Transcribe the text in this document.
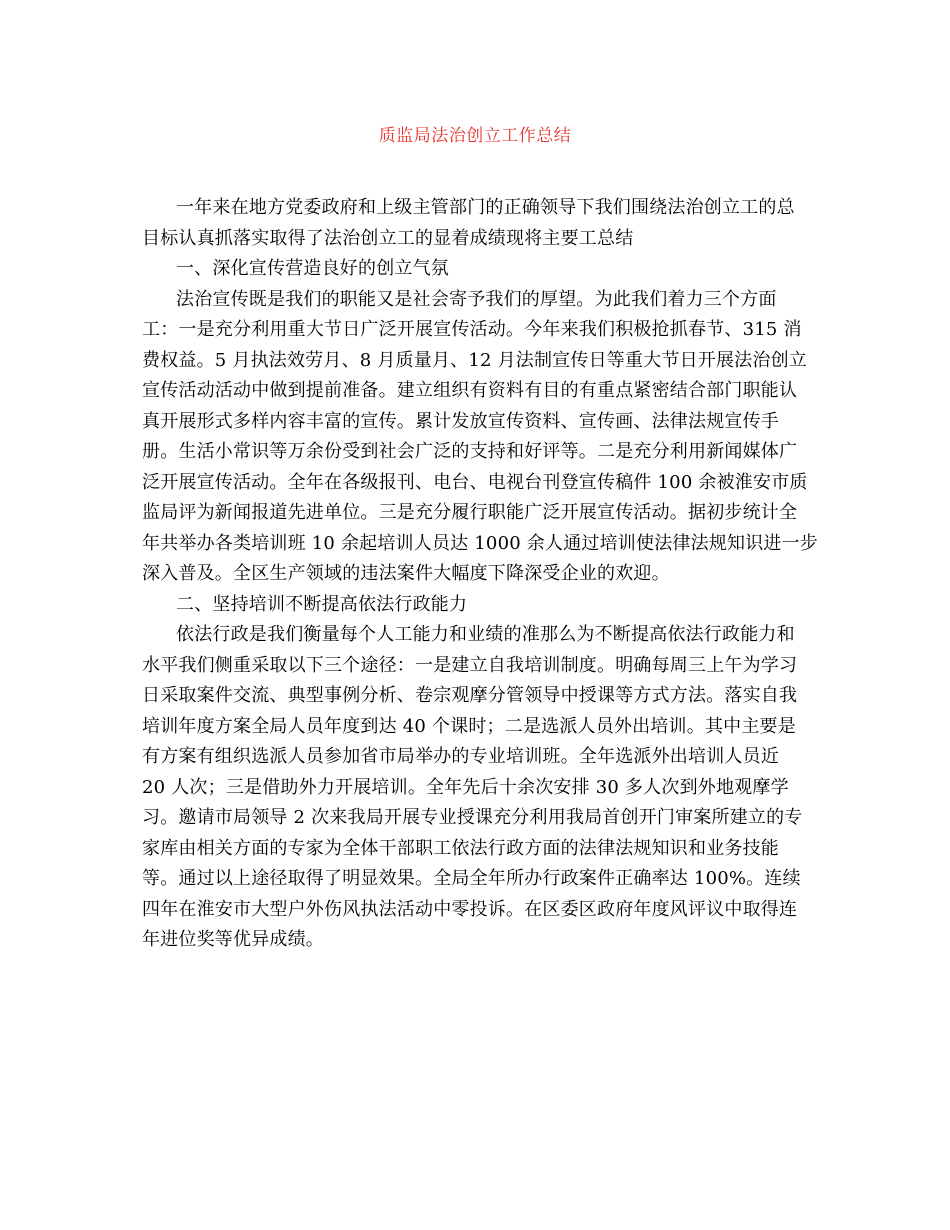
质监局法治创立工作总结
一年来在地方党委政府和上级主管部门的正确领导下我们围绕法治创立工的总
目标认真抓落实取得了法治创立工的显着成绩现将主要工总结
一、深化宣传营造良好的创立气氛
法治宣传既是我们的职能又是社会寄予我们的厚望。为此我们着力三个方面
工：一是充分利用重大节日广泛开展宣传活动。今年来我们积极抢抓春节、315 消
费权益。5 月执法效劳月、8 月质量月、12 月法制宣传日等重大节日开展法治创立
宣传活动活动中做到提前准备。建立组织有资料有目的有重点紧密结合部门职能认
真开展形式多样内容丰富的宣传。累计发放宣传资料、宣传画、法律法规宣传手
册。生活小常识等万余份受到社会广泛的支持和好评等。二是充分利用新闻媒体广
泛开展宣传活动。全年在各级报刊、电台、电视台刊登宣传稿件 100 余被淮安市质
监局评为新闻报道先进单位。三是充分履行职能广泛开展宣传活动。据初步统计全
年共举办各类培训班 10 余起培训人员达 1000 余人通过培训使法律法规知识进一步
深入普及。全区生产领域的违法案件大幅度下降深受企业的欢迎。
二、坚持培训不断提高依法行政能力
依法行政是我们衡量每个人工能力和业绩的准那么为不断提高依法行政能力和
水平我们侧重采取以下三个途径：一是建立自我培训制度。明确每周三上午为学习
日采取案件交流、典型事例分析、卷宗观摩分管领导中授课等方式方法。落实自我
培训年度方案全局人员年度到达 40 个课时；二是选派人员外出培训。其中主要是
有方案有组织选派人员参加省市局举办的专业培训班。全年选派外出培训人员近
20 人次；三是借助外力开展培训。全年先后十余次安排 30 多人次到外地观摩学
习。邀请市局领导 2 次来我局开展专业授课充分利用我局首创开门审案所建立的专
家库由相关方面的专家为全体干部职工依法行政方面的法律法规知识和业务技能
等。通过以上途径取得了明显效果。全局全年所办行政案件正确率达 100%。连续
四年在淮安市大型户外伤风执法活动中零投诉。在区委区政府年度风评议中取得连
年进位奖等优异成绩。
